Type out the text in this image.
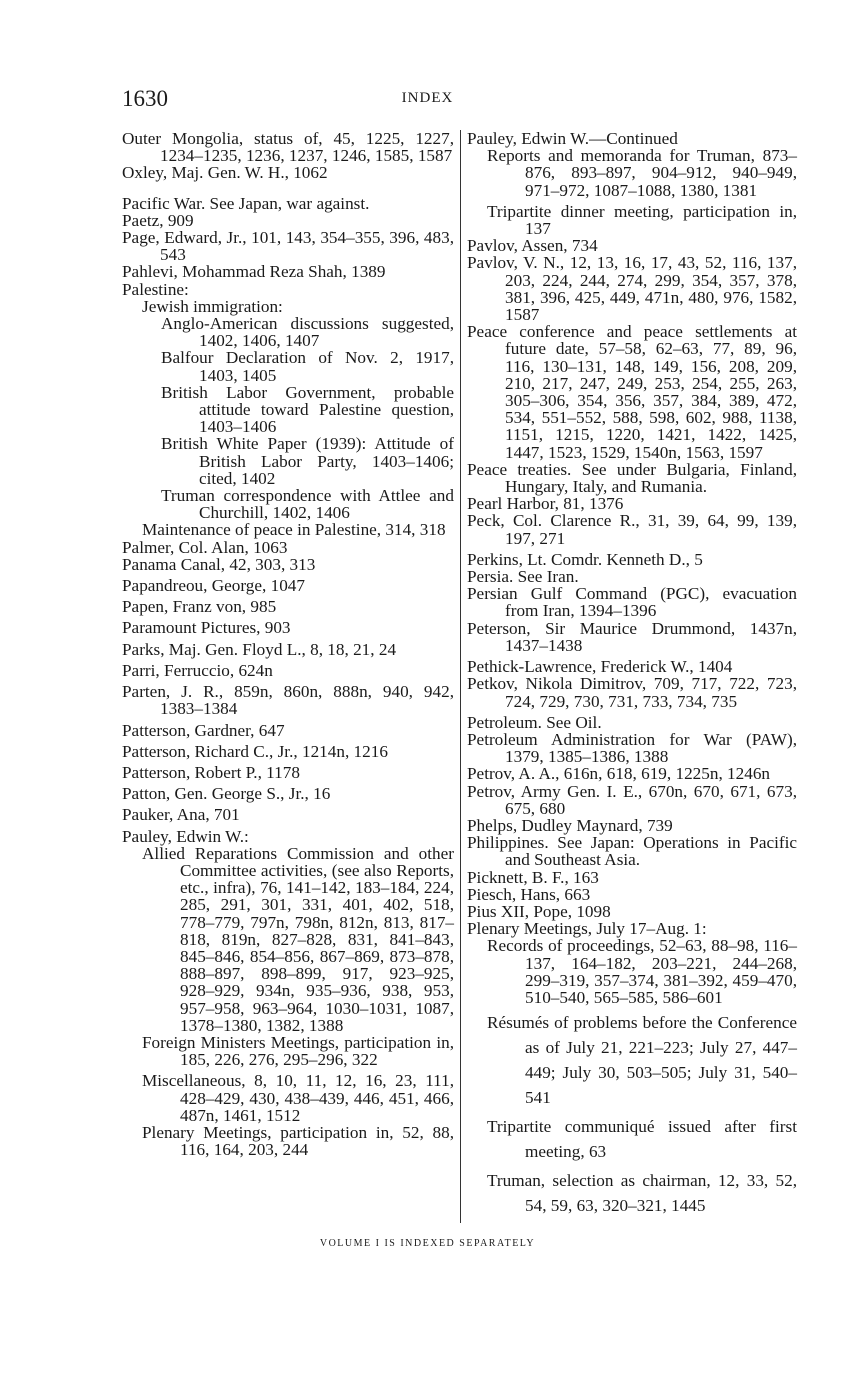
1630	INDEX
Outer Mongolia, status of, 45, 1225, 1227, 1234–1235, 1236, 1237, 1246, 1585, 1587
Oxley, Maj. Gen. W. H., 1062
Pacific War. See Japan, war against.
Paetz, 909
Page, Edward, Jr., 101, 143, 354–355, 396, 483, 543
Pahlevi, Mohammad Reza Shah, 1389
Palestine:
Jewish immigration:
Anglo-American discussions suggested, 1402, 1406, 1407
Balfour Declaration of Nov. 2, 1917, 1403, 1405
British Labor Government, probable attitude toward Palestine question, 1403–1406
British White Paper (1939): Attitude of British Labor Party, 1403–1406; cited, 1402
Truman correspondence with Attlee and Churchill, 1402, 1406
Maintenance of peace in Palestine, 314, 318
Palmer, Col. Alan, 1063
Panama Canal, 42, 303, 313
Papandreou, George, 1047
Papen, Franz von, 985
Paramount Pictures, 903
Parks, Maj. Gen. Floyd L., 8, 18, 21, 24
Parri, Ferruccio, 624n
Parten, J. R., 859n, 860n, 888n, 940, 942, 1383–1384
Patterson, Gardner, 647
Patterson, Richard C., Jr., 1214n, 1216
Patterson, Robert P., 1178
Patton, Gen. George S., Jr., 16
Pauker, Ana, 701
Pauley, Edwin W.:
Allied Reparations Commission and other Committee activities, (see also Reports, etc., infra), 76, 141–142, 183–184, 224, 285, 291, 301, 331, 401, 402, 518, 778–779, 797n, 798n, 812n, 813, 817–818, 819n, 827–828, 831, 841–843, 845–846, 854–856, 867–869, 873–878, 888–897, 898–899, 917, 923–925, 928–929, 934n, 935–936, 938, 953, 957–958, 963–964, 1030–1031, 1087, 1378–1380, 1382, 1388
Foreign Ministers Meetings, participation in, 185, 226, 276, 295–296, 322
Miscellaneous, 8, 10, 11, 12, 16, 23, 111, 428–429, 430, 438–439, 446, 451, 466, 487n, 1461, 1512
Plenary Meetings, participation in, 52, 88, 116, 164, 203, 244
Pauley, Edwin W.—Continued
Reports and memoranda for Truman, 873–876, 893–897, 904–912, 940–949, 971–972, 1087–1088, 1380, 1381
Tripartite dinner meeting, participation in, 137
Pavlov, Assen, 734
Pavlov, V. N., 12, 13, 16, 17, 43, 52, 116, 137, 203, 224, 244, 274, 299, 354, 357, 378, 381, 396, 425, 449, 471n, 480, 976, 1582, 1587
Peace conference and peace settlements at future date, 57–58, 62–63, 77, 89, 96, 116, 130–131, 148, 149, 156, 208, 209, 210, 217, 247, 249, 253, 254, 255, 263, 305–306, 354, 356, 357, 384, 389, 472, 534, 551–552, 588, 598, 602, 988, 1138, 1151, 1215, 1220, 1421, 1422, 1425, 1447, 1523, 1529, 1540n, 1563, 1597
Peace treaties. See under Bulgaria, Finland, Hungary, Italy, and Rumania.
Pearl Harbor, 81, 1376
Peck, Col. Clarence R., 31, 39, 64, 99, 139, 197, 271
Perkins, Lt. Comdr. Kenneth D., 5
Persia. See Iran.
Persian Gulf Command (PGC), evacuation from Iran, 1394–1396
Peterson, Sir Maurice Drummond, 1437n, 1437–1438
Pethick-Lawrence, Frederick W., 1404
Petkov, Nikola Dimitrov, 709, 717, 722, 723, 724, 729, 730, 731, 733, 734, 735
Petroleum. See Oil.
Petroleum Administration for War (PAW), 1379, 1385–1386, 1388
Petrov, A. A., 616n, 618, 619, 1225n, 1246n
Petrov, Army Gen. I. E., 670n, 670, 671, 673, 675, 680
Phelps, Dudley Maynard, 739
Philippines. See Japan: Operations in Pacific and Southeast Asia.
Picknett, B. F., 163
Piesch, Hans, 663
Pius XII, Pope, 1098
Plenary Meetings, July 17–Aug. 1:
Records of proceedings, 52–63, 88–98, 116–137, 164–182, 203–221, 244–268, 299–319, 357–374, 381–392, 459–470, 510–540, 565–585, 586–601
Résumés of problems before the Conference as of July 21, 221–223; July 27, 447–449; July 30, 503–505; July 31, 540–541
Tripartite communiqué issued after first meeting, 63
Truman, selection as chairman, 12, 33, 52, 54, 59, 63, 320–321, 1445
VOLUME I IS INDEXED SEPARATELY
